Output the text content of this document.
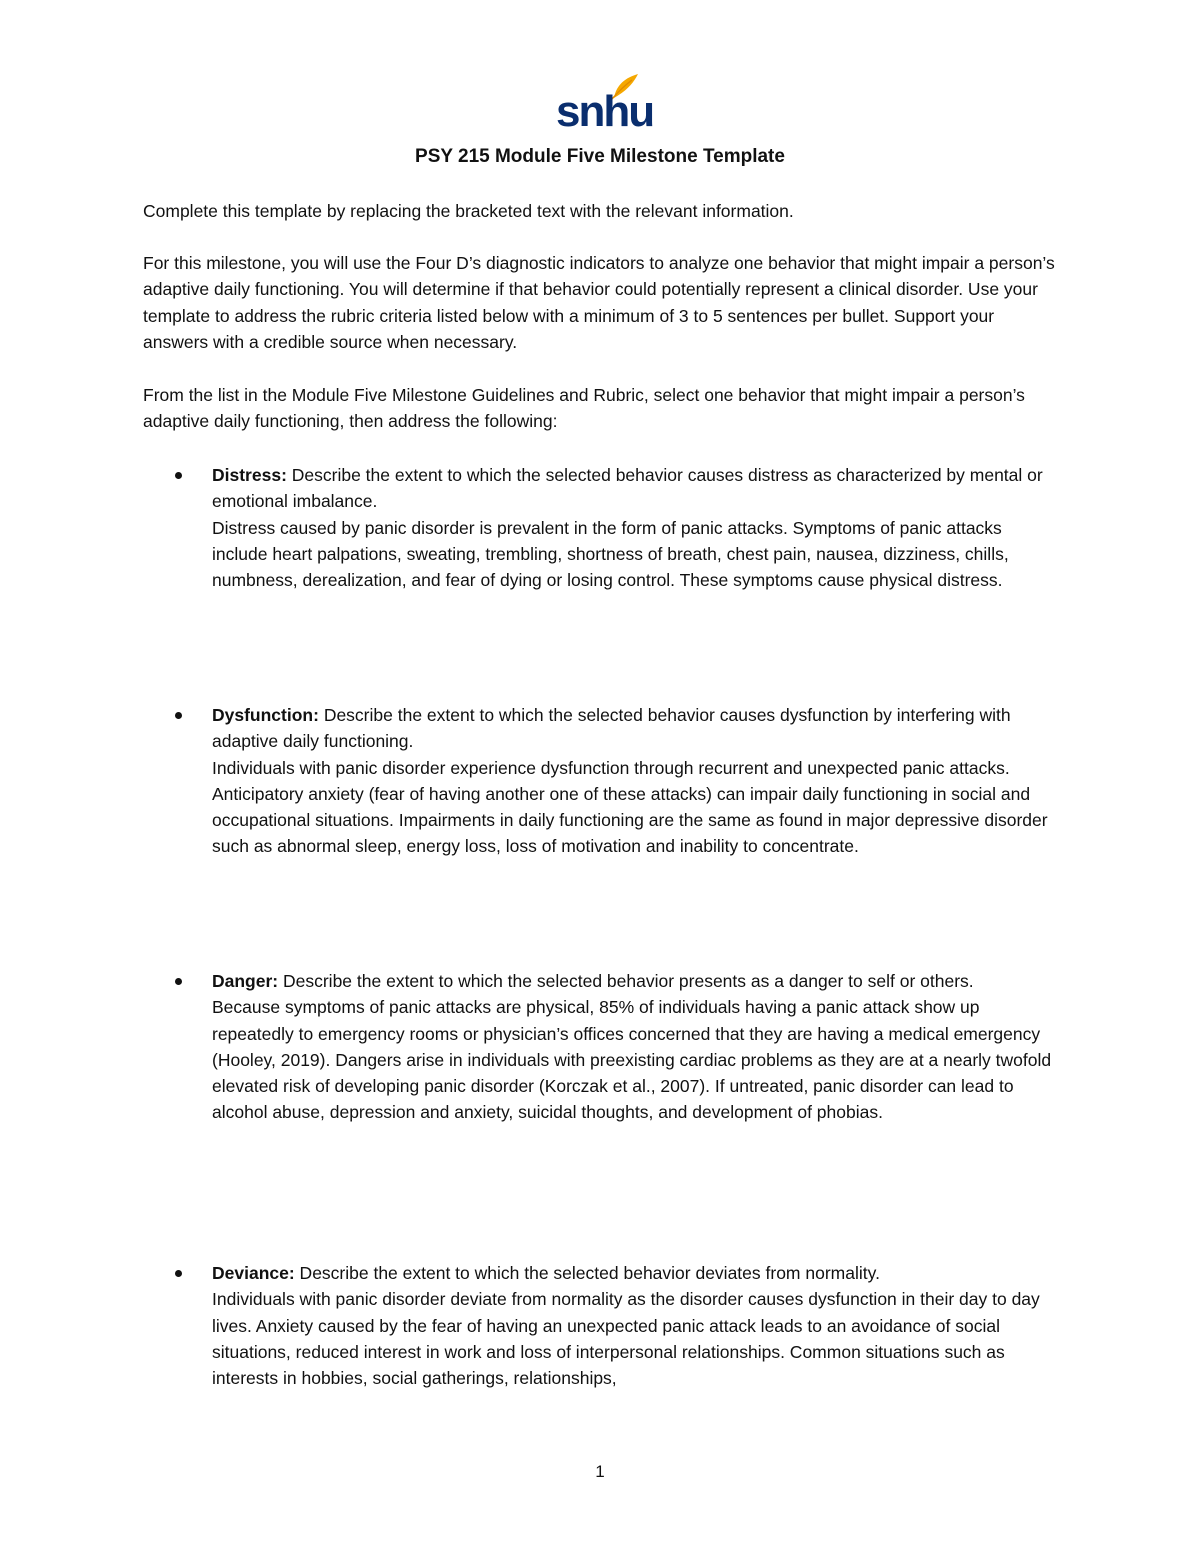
snhu
PSY 215 Module Five Milestone Template

Complete this template by replacing the bracketed text with the relevant information.

For this milestone, you will use the Four D’s diagnostic indicators to analyze one behavior that might impair a person’s adaptive daily functioning. You will determine if that behavior could potentially represent a clinical disorder. Use your template to address the rubric criteria listed below with a minimum of 3 to 5 sentences per bullet. Support your answers with a credible source when necessary.

From the list in the Module Five Milestone Guidelines and Rubric, select one behavior that might impair a person’s adaptive daily functioning, then address the following:

Distress: Describe the extent to which the selected behavior causes distress as characterized by mental or emotional imbalance.
Distress caused by panic disorder is prevalent in the form of panic attacks. Symptoms of panic attacks include heart palpations, sweating, trembling, shortness of breath, chest pain, nausea, dizziness, chills, numbness, derealization, and fear of dying or losing control. These symptoms cause physical distress.
Dysfunction: Describe the extent to which the selected behavior causes dysfunction by interfering with adaptive daily functioning.
Individuals with panic disorder experience dysfunction through recurrent and unexpected panic attacks. Anticipatory anxiety (fear of having another one of these attacks) can impair daily functioning in social and occupational situations. Impairments in daily functioning are the same as found in major depressive disorder such as abnormal sleep, energy loss, loss of motivation and inability to concentrate.
Danger: Describe the extent to which the selected behavior presents as a danger to self or others.
Because symptoms of panic attacks are physical, 85% of individuals having a panic attack show up repeatedly to emergency rooms or physician’s offices concerned that they are having a medical emergency (Hooley, 2019). Dangers arise in individuals with preexisting cardiac problems as they are at a nearly twofold elevated risk of developing panic disorder (Korczak et al., 2007). If untreated, panic disorder can lead to alcohol abuse, depression and anxiety, suicidal thoughts, and development of phobias.
Deviance: Describe the extent to which the selected behavior deviates from normality.
Individuals with panic disorder deviate from normality as the disorder causes dysfunction in their day to day lives. Anxiety caused by the fear of having an unexpected panic attack leads to an avoidance of social situations, reduced interest in work and loss of interpersonal relationships. Common situations such as interests in hobbies, social gatherings, relationships,
1
